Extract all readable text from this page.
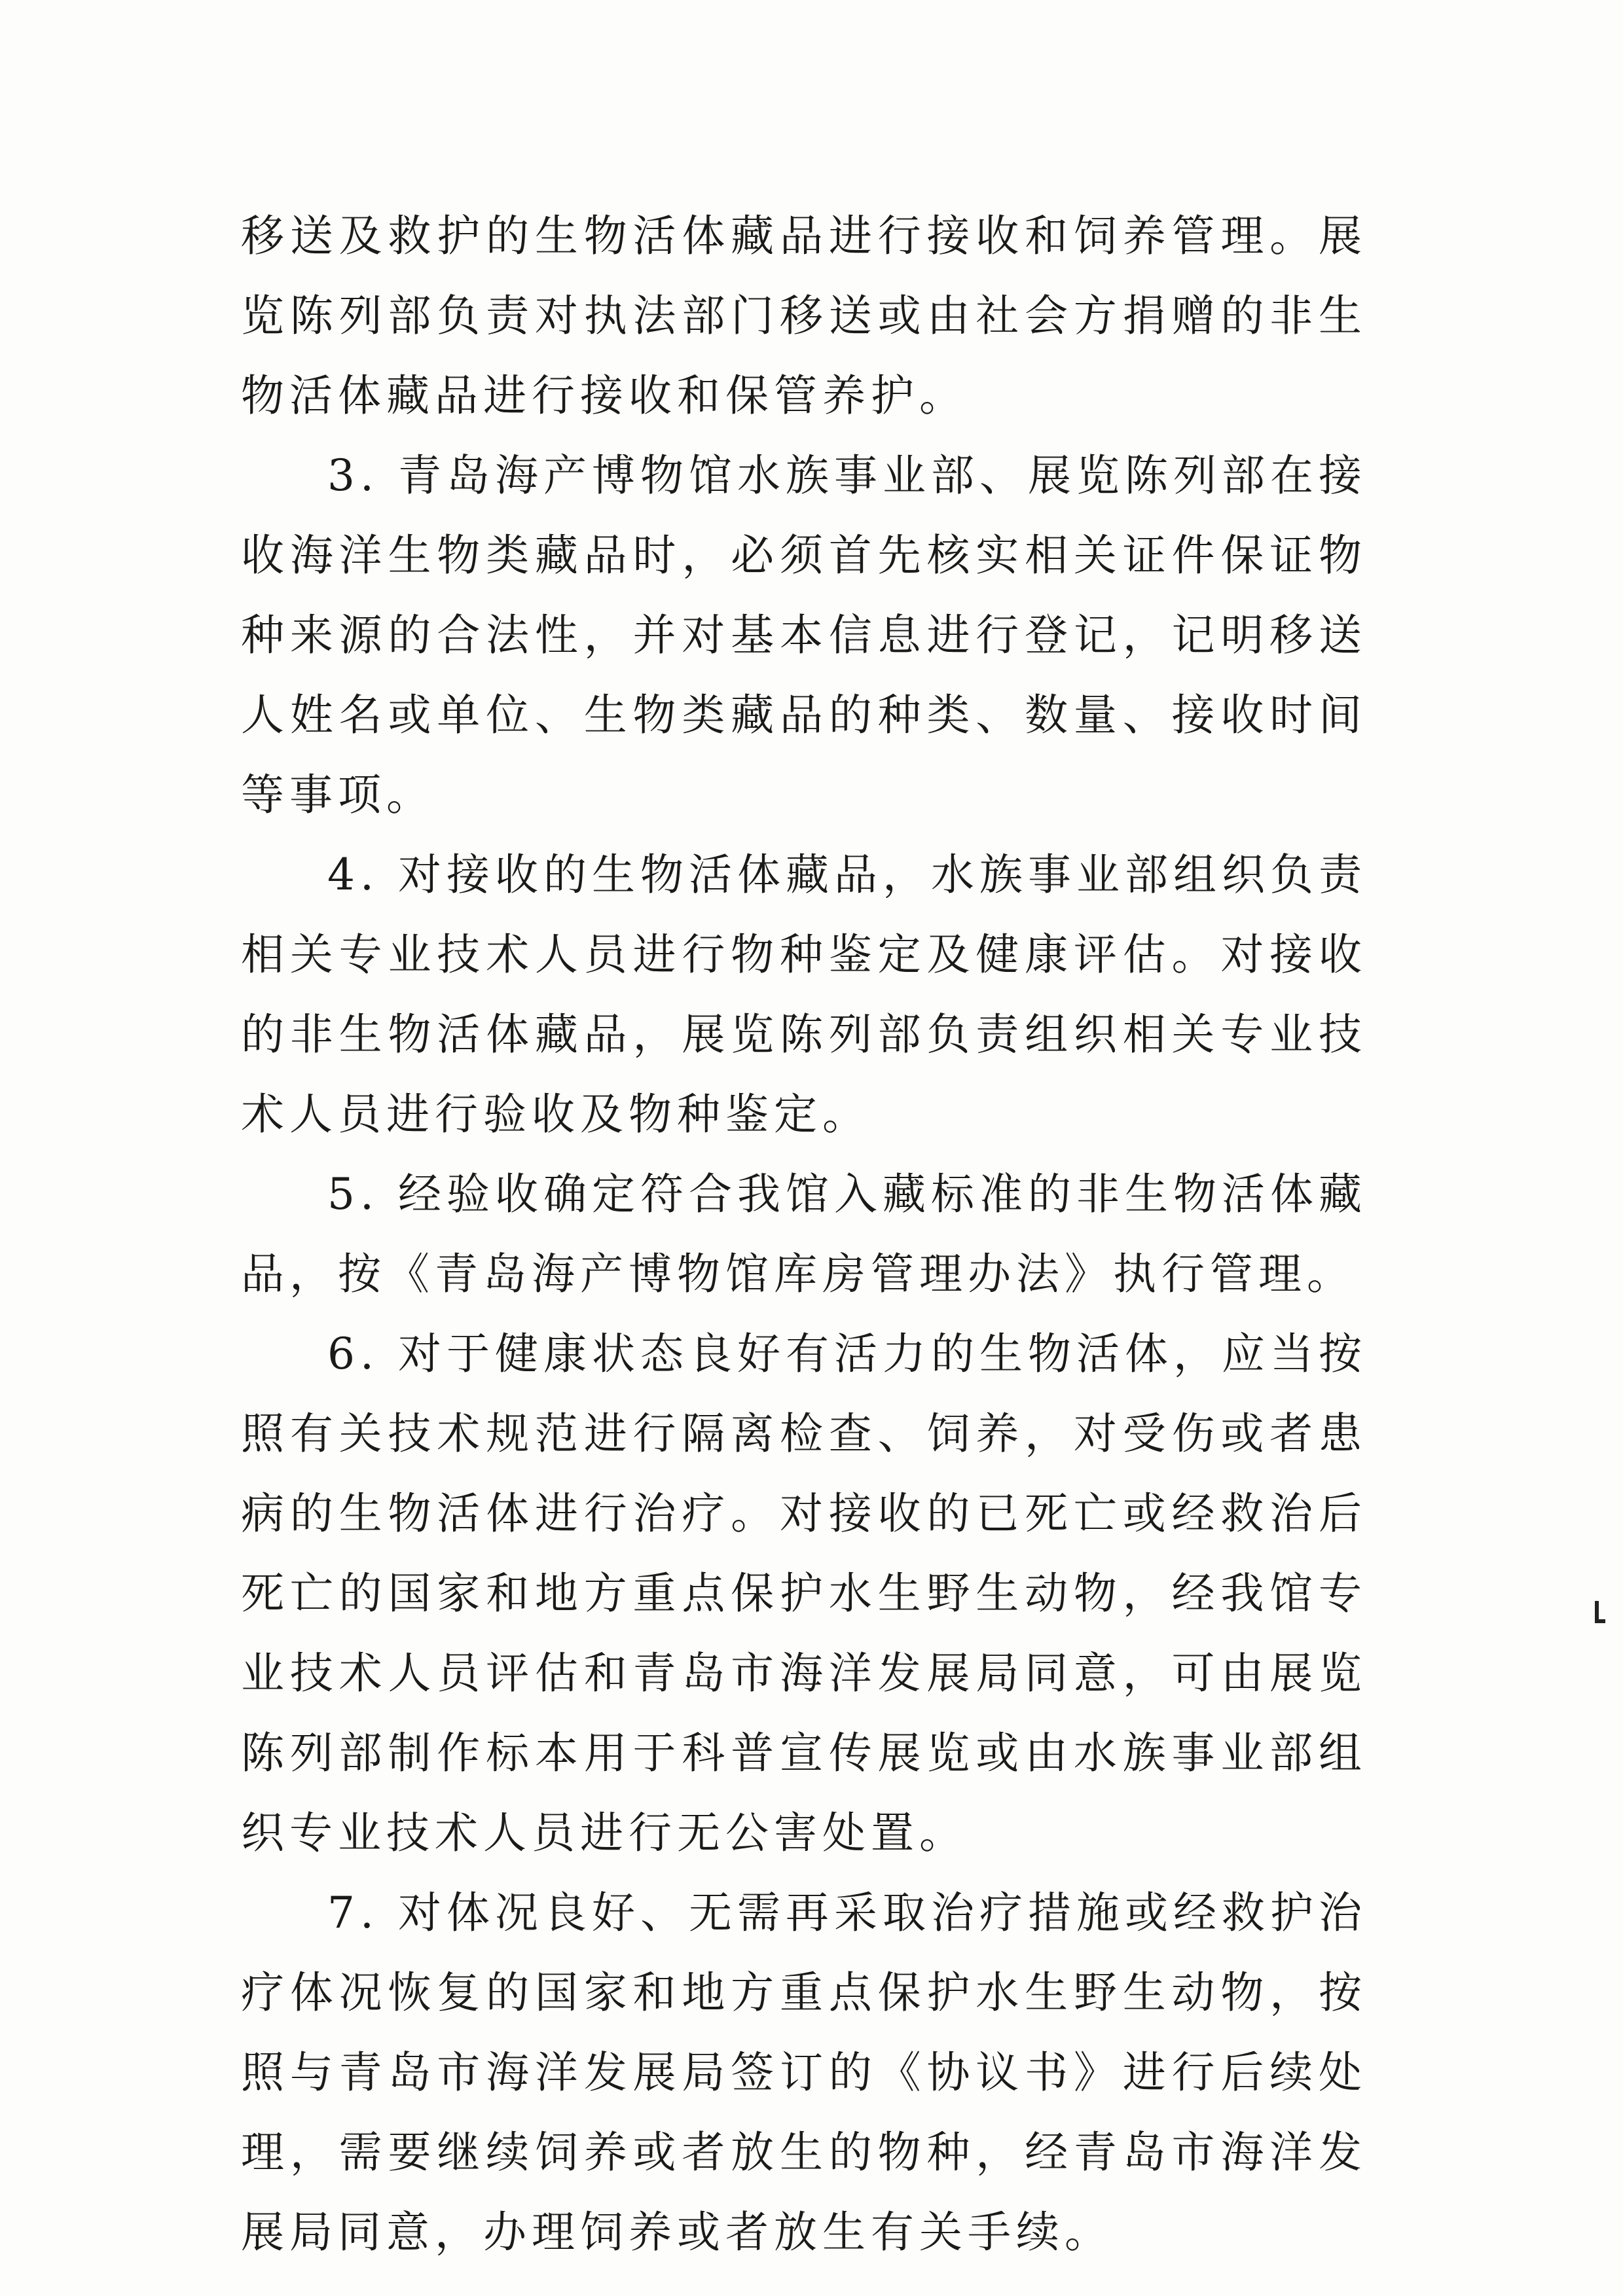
移送及救护的生物活体藏品进行接收和饲养管理。展览陈列部负责对执法部门移送或由社会方捐赠的非生物活体藏品进行接收和保管养护。

3. 青岛海产博物馆水族事业部、展览陈列部在接收海洋生物类藏品时，必须首先核实相关证件保证物种来源的合法性，并对基本信息进行登记，记明移送人姓名或单位、生物类藏品的种类、数量、接收时间等事项。

4. 对接收的生物活体藏品，水族事业部组织负责相关专业技术人员进行物种鉴定及健康评估。对接收的非生物活体藏品，展览陈列部负责组织相关专业技术人员进行验收及物种鉴定。

5. 经验收确定符合我馆入藏标准的非生物活体藏品，按《青岛海产博物馆库房管理办法》执行管理。

6. 对于健康状态良好有活力的生物活体，应当按照有关技术规范进行隔离检查、饲养，对受伤或者患病的生物活体进行治疗。对接收的已死亡或经救治后死亡的国家和地方重点保护水生野生动物，经我馆专业技术人员评估和青岛市海洋发展局同意，可由展览陈列部制作标本用于科普宣传展览或由水族事业部组织专业技术人员进行无公害处置。

7. 对体况良好、无需再采取治疗措施或经救护治疗体况恢复的国家和地方重点保护水生野生动物，按照与青岛市海洋发展局签订的《协议书》进行后续处理，需要继续饲养或者放生的物种，经青岛市海洋发展局同意，办理饲养或者放生有关手续。
